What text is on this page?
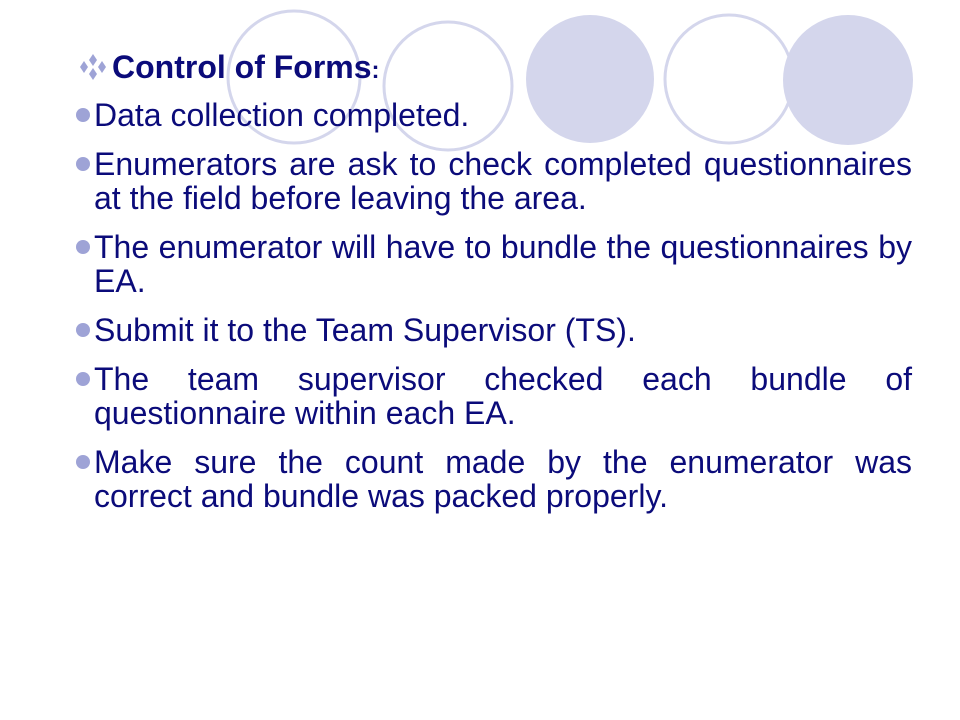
Control of Forms:
Data collection completed.
Enumerators are ask to check completed questionnaires at the field before leaving the area.
The enumerator will have to bundle the questionnaires by EA.
Submit it to the Team Supervisor (TS).
The team supervisor checked each bundle of questionnaire within each EA.
Make sure the count made by the enumerator was correct and bundle was packed properly.
